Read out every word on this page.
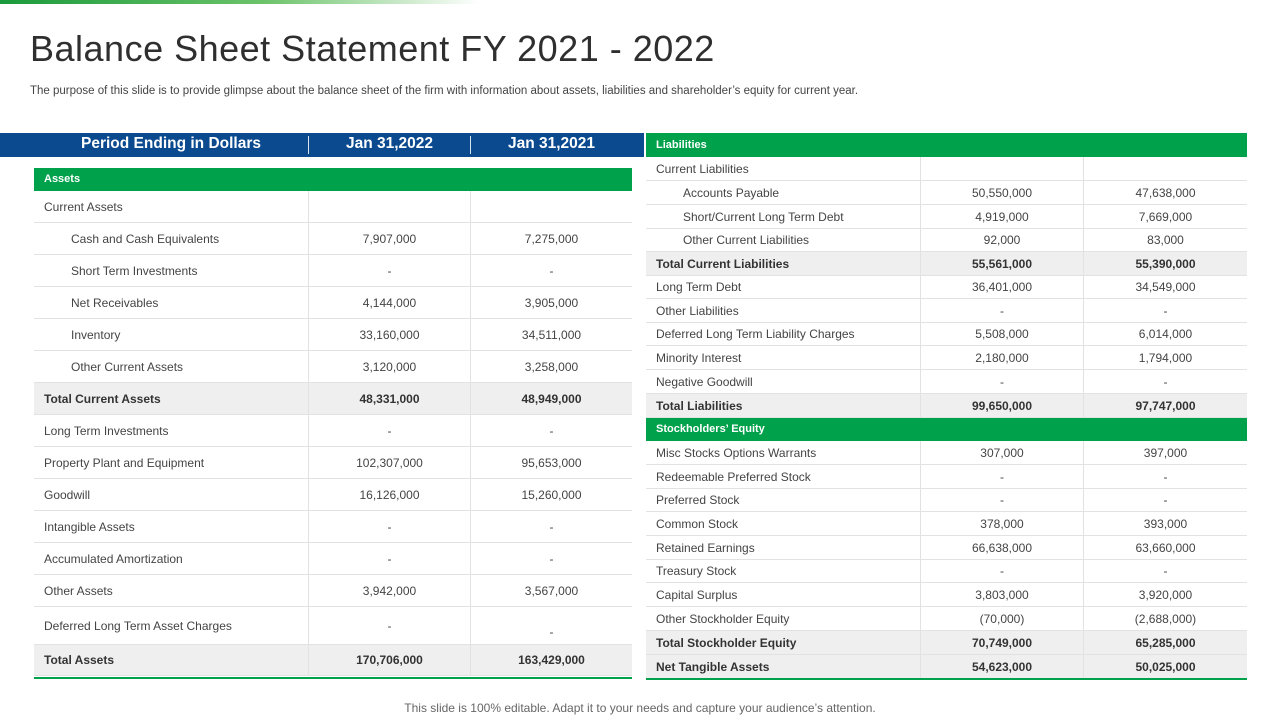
Balance Sheet Statement FY 2021 - 2022

The purpose of this slide is to provide glimpse about the balance sheet of the firm with information about assets, liabilities and shareholder’s equity for current year.

Period Ending in Dollars	Jan 31,2022	Jan 31,2021
Assets
Current Assets
Cash and Cash Equivalents	7,907,000	7,275,000
Short Term Investments	-	-
Net Receivables	4,144,000	3,905,000
Inventory	33,160,000	34,511,000
Other Current Assets	3,120,000	3,258,000
Total Current Assets	48,331,000	48,949,000
Long Term Investments	-	-
Property Plant and Equipment	102,307,000	95,653,000
Goodwill	16,126,000	15,260,000
Intangible Assets	-	-
Accumulated Amortization	-	-
Other Assets	3,942,000	3,567,000
Deferred Long Term Asset Charges	-	-
Total Assets	170,706,000	163,429,000
Liabilities
Current Liabilities
Accounts Payable	50,550,000	47,638,000
Short/Current Long Term Debt	4,919,000	7,669,000
Other Current Liabilities	92,000	83,000
Total Current Liabilities	55,561,000	55,390,000
Long Term Debt	36,401,000	34,549,000
Other Liabilities	-	-
Deferred Long Term Liability Charges	5,508,000	6,014,000
Minority Interest	2,180,000	1,794,000
Negative Goodwill	-	-
Total Liabilities	99,650,000	97,747,000
Stockholders’ Equity
Misc Stocks Options Warrants	307,000	397,000
Redeemable Preferred Stock	-	-
Preferred Stock	-	-
Common Stock	378,000	393,000
Retained Earnings	66,638,000	63,660,000
Treasury Stock	-	-
Capital Surplus	3,803,000	3,920,000
Other Stockholder Equity	(70,000)	(2,688,000)
Total Stockholder Equity	70,749,000	65,285,000
Net Tangible Assets	54,623,000	50,025,000
This slide is 100% editable. Adapt it to your needs and capture your audience’s attention.
